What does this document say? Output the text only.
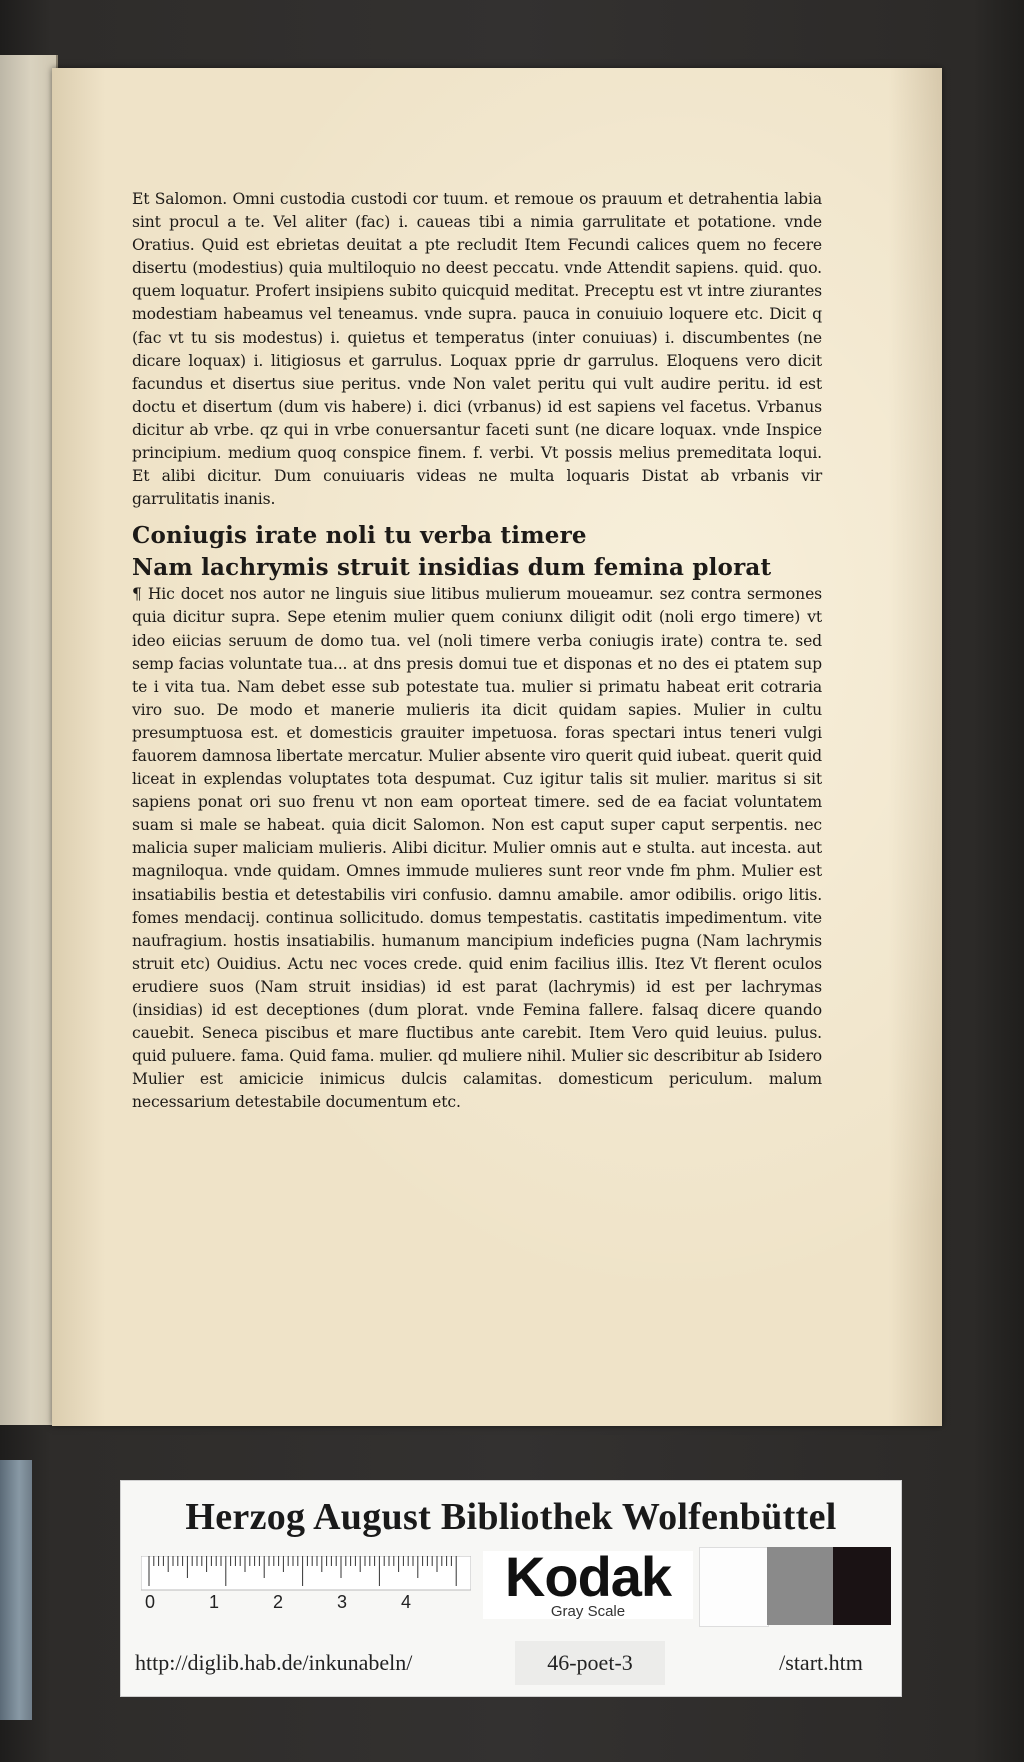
Et Salomon. Omni custodia custodi cor tuum. et remoue os prauum et detrahentia labia sint procul a te. Vel aliter (fac) i. caueas tibi a nimia garrulitate et potatione. vnde Oratius. Quid est ebrietas deuitat a pte recludit Item Fecundi calices quem no fecere disertu (modestius) quia multiloquio no deest peccatu. vnde Attendit sapiens. quid. quo. quem loquatur. Profert insipiens subito quicquid meditat. Preceptu est vt intre ziurantes modestiam habeamus vel teneamus. vnde supra. pauca in conuiuio loquere etc. Dicit q (fac vt tu sis modestus) i. quietus et temperatus (inter conuiuas) i. discumbentes (ne dicare loquax) i. litigiosus et garrulus. Loquax pprie dr garrulus. Eloquens vero dicit facundus et disertus siue peritus. vnde Non valet peritu qui vult audire peritu. id est doctu et disertum (dum vis habere) i. dici (vrbanus) id est sapiens vel facetus. Vrbanus dicitur ab vrbe. qz qui in vrbe conuersantur faceti sunt (ne dicare loquax. vnde Inspice principium. medium quoq conspice finem. f. verbi. Vt possis melius premeditata loqui. Et alibi dicitur. Dum conuiuaris videas ne multa loquaris Distat ab vrbanis vir garrulitatis inanis.

Coniugis irate noli tu verba timere

Nam lachrymis struit insidias dum femina plorat

¶ Hic docet nos autor ne linguis siue litibus mulierum moueamur. sez contra sermones quia dicitur supra. Sepe etenim mulier quem coniunx diligit odit (noli ergo timere) vt ideo eiicias seruum de domo tua. vel (noli timere verba coniugis irate) contra te. sed semp facias voluntate tua... at dns presis domui tue et disponas et no des ei ptatem sup te i vita tua. Nam debet esse sub potestate tua. mulier si primatu habeat erit cotraria viro suo. De modo et manerie mulieris ita dicit quidam sapies. Mulier in cultu presumptuosa est. et domesticis grauiter impetuosa. foras spectari intus teneri vulgi fauorem damnosa libertate mercatur. Mulier absente viro querit quid iubeat. querit quid liceat in explendas voluptates tota despumat. Cuz igitur talis sit mulier. maritus si sit sapiens ponat ori suo frenu vt non eam oporteat timere. sed de ea faciat voluntatem suam si male se habeat. quia dicit Salomon. Non est caput super caput serpentis. nec malicia super maliciam mulieris. Alibi dicitur. Mulier omnis aut e stulta. aut incesta. aut magniloqua. vnde quidam. Omnes immude mulieres sunt reor vnde fm phm. Mulier est insatiabilis bestia et detestabilis viri confusio. damnu amabile. amor odibilis. origo litis. fomes mendacij. continua sollicitudo. domus tempestatis. castitatis impedimentum. vite naufragium. hostis insatiabilis. humanum mancipium indeficies pugna (Nam lachrymis struit etc) Ouidius. Actu nec voces crede. quid enim facilius illis. Itez Vt flerent oculos erudiere suos (Nam struit insidias) id est parat (lachrymis) id est per lachrymas (insidias) id est deceptiones (dum plorat. vnde Femina fallere. falsaq dicere quando cauebit. Seneca piscibus et mare fluctibus ante carebit. Item Vero quid leuius. pulus. quid puluere. fama. Quid fama. mulier. qd muliere nihil. Mulier sic describitur ab Isidero Mulier est amicicie inimicus dulcis calamitas. domesticum periculum. malum necessarium detestabile documentum etc.

Herzog August Bibliothek Wolfenbüttel
0	1	2	3	4	Kodak
Gray Scale
http://diglib.hab.de/inkunabeln/	46-poet-3	/start.htm
